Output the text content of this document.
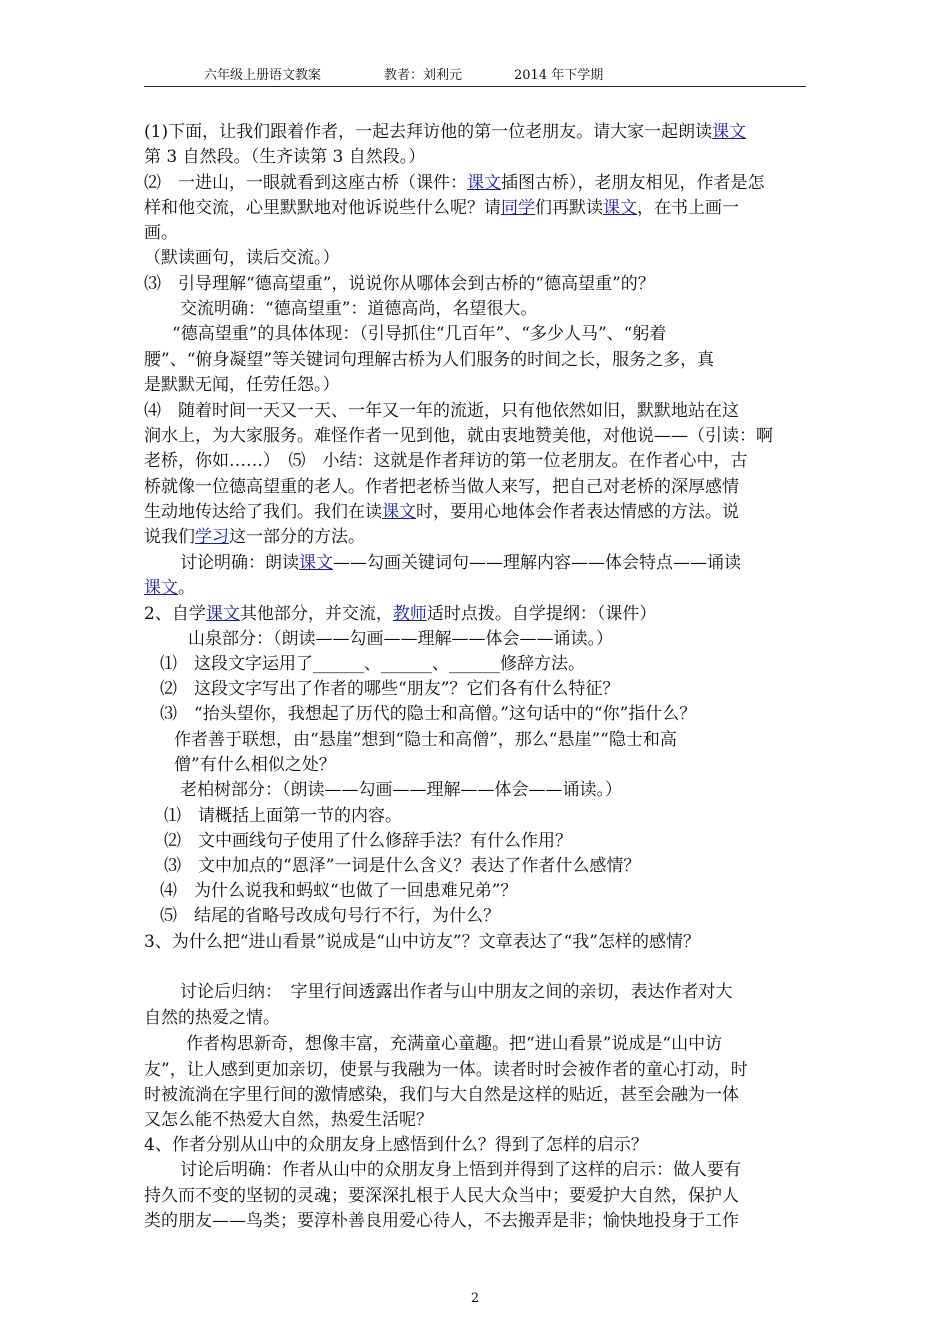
六年级上册语文教案	教者：刘利元	2014 年下学期
(1)下面，让我们跟着作者，一起去拜访他的第一位老朋友。请大家一起朗读课文
第 3 自然段。（生齐读第 3 自然段。）
⑵　一进山，一眼就看到这座古桥（课件：课文插图古桥），老朋友相见，作者是怎
样和他交流，心里默默地对他诉说些什么呢？请同学们再默读课文，在书上画一
画。
（默读画句，读后交流。）
⑶　引导理解“德高望重”，说说你从哪体会到古桥的“德高望重”的？
交流明确：“德高望重”：道德高尚，名望很大。
“德高望重”的具体体现：（引导抓住“几百年”、“多少人马”、“躬着
腰”、“俯身凝望”等关键词句理解古桥为人们服务的时间之长，服务之多，真
是默默无闻，任劳任怨。）
⑷　随着时间一天又一天、一年又一年的流逝，只有他依然如旧，默默地站在这
涧水上，为大家服务。难怪作者一见到他，就由衷地赞美他，对他说——（引读：啊
老桥，你如……）　⑸　小结：这就是作者拜访的第一位老朋友。在作者心中，古
桥就像一位德高望重的老人。作者把老桥当做人来写，把自己对老桥的深厚感情
生动地传达给了我们。我们在读课文时，要用心地体会作者表达情感的方法。说
说我们学习这一部分的方法。
讨论明确：朗读课文——勾画关键词句——理解内容——体会特点——诵读
课文。
2、自学课文其他部分，并交流，教师适时点拨。自学提纲：（课件）
山泉部分：（朗读——勾画——理解——体会——诵读。）
⑴　这段文字运用了______、______、______修辞方法。
⑵　这段文字写出了作者的哪些“朋友”？它们各有什么特征？
⑶　“抬头望你，我想起了历代的隐士和高僧。”这句话中的“你”指什么？
作者善于联想，由“悬崖”想到“隐士和高僧”，那么“悬崖”“隐士和高
僧”有什么相似之处？
老柏树部分：（朗读——勾画——理解——体会——诵读。）
⑴　请概括上面第一节的内容。
⑵　文中画线句子使用了什么修辞手法？有什么作用？
⑶　文中加点的“恩泽”一词是什么含义？表达了作者什么感情？
⑷　为什么说我和蚂蚁“也做了一回患难兄弟”？
⑸　结尾的省略号改成句号行不行，为什么？
3、为什么把“进山看景”说成是“山中访友”？文章表达了“我”怎样的感情？
讨论后归纳：　字里行间透露出作者与山中朋友之间的亲切，表达作者对大
自然的热爱之情。
作者构思新奇，想像丰富，充满童心童趣。把“进山看景”说成是“山中访
友”，让人感到更加亲切，使景与我融为一体。读者时时会被作者的童心打动，时
时被流淌在字里行间的激情感染，我们与大自然是这样的贴近，甚至会融为一体
又怎么能不热爱大自然，热爱生活呢？
4、作者分别从山中的众朋友身上感悟到什么？得到了怎样的启示？
讨论后明确：作者从山中的众朋友身上悟到并得到了这样的启示：做人要有
持久而不变的坚韧的灵魂；要深深扎根于人民大众当中；要爱护大自然，保护人
类的朋友——鸟类；要淳朴善良用爱心待人，不去搬弄是非；愉快地投身于工作
2
